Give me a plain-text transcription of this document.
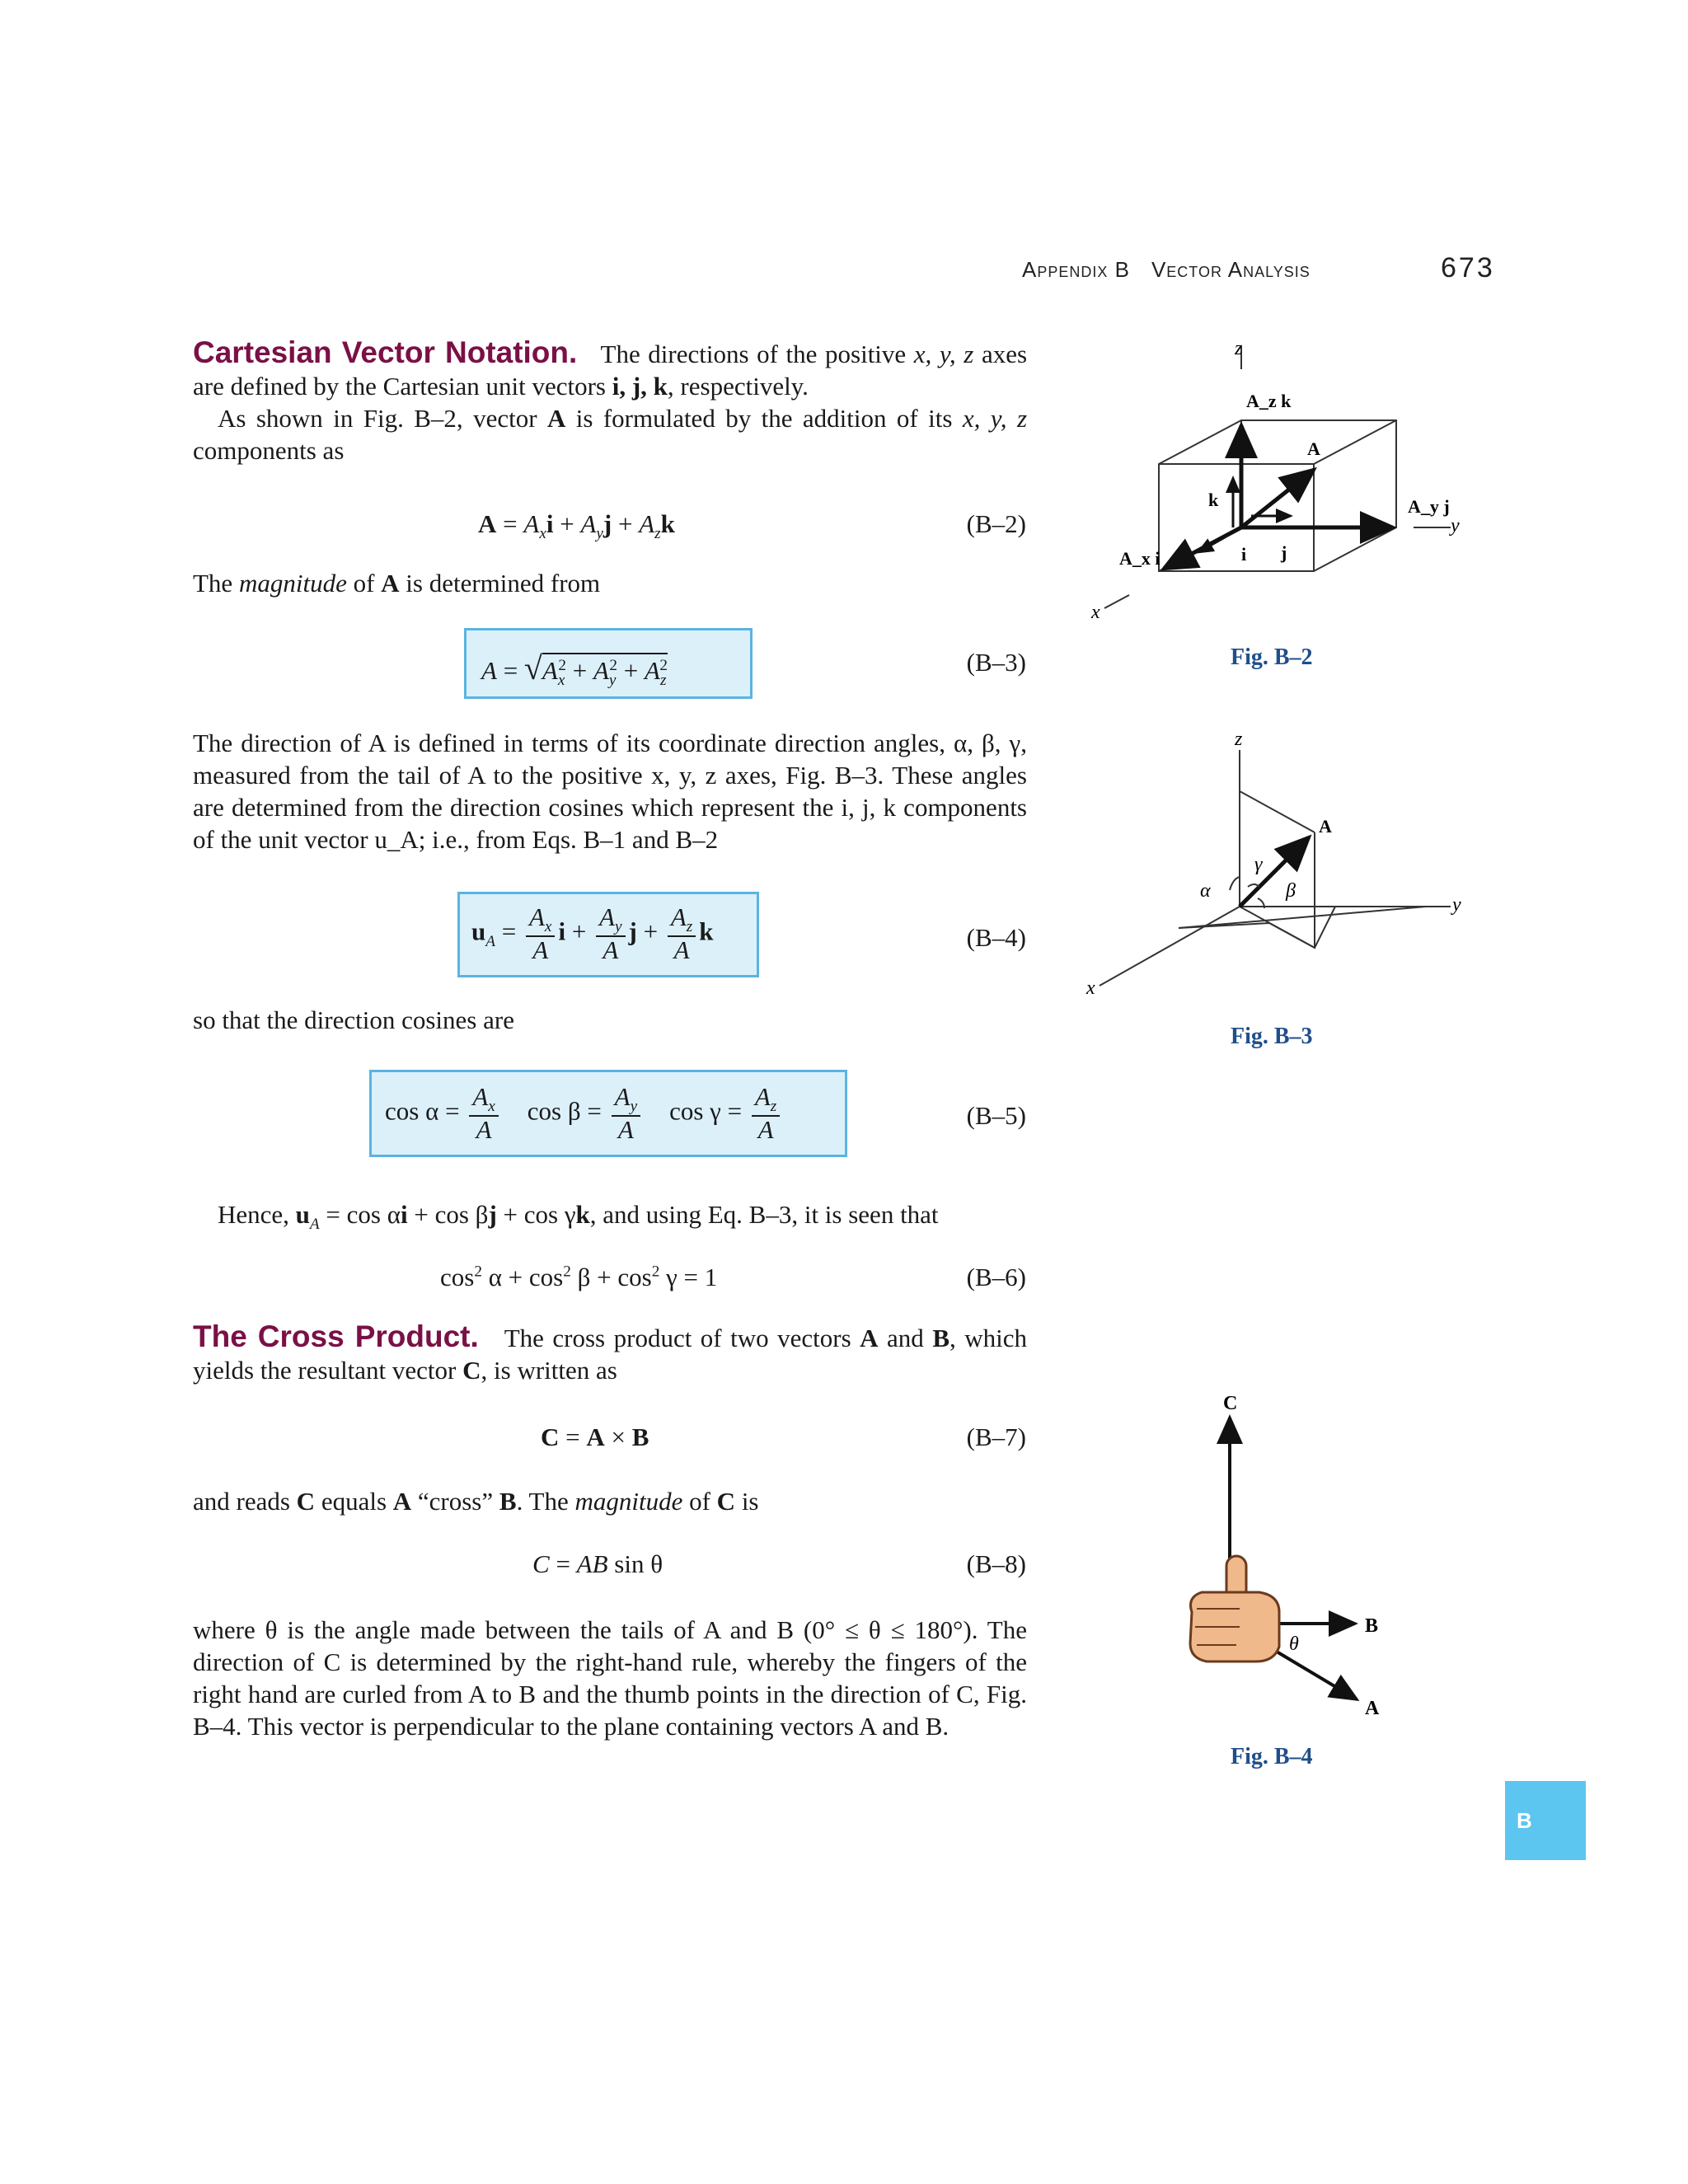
Appendix B Vector Analysis	673

Cartesian Vector Notation. The directions of the positive x, y, z axes are defined by the Cartesian unit vectors i, j, k, respectively.

As shown in Fig. B–2, vector A is formulated by the addition of its x, y, z components as

$A = A_xi + A_yj + A_zk$	(B–2)

The magnitude of A is determined from

$A = √A_x^2 + A_y^2 + A_z^2$	(B–3)
The direction of A is defined in terms of its coordinate direction angles, α, β, γ, measured from the tail of A to the positive x, y, z axes, Fig. B–3. These angles are determined from the direction cosines which represent the i, j, k components of the unit vector u_A; i.e., from Eqs. B–1 and B–2
$u_A = \frac{A_x}{A}$ $i + \frac{A_y}{A}$ $j + \frac{A_z}{A}$ k	(B–4)
so that the direction cosines are
$\cos \alpha = \frac{A_x}{A}$ $\cos \beta = \frac{A_y}{A}$ $\cos \gamma = \frac{A_z}{A}$	(B–5)
Hence, $u_A = \cos \alpha i + \cos \beta j + \cos \gamma k$, and using Eq. B–3, it is seen that
$\cos^2 \alpha + \cos^2 \beta + \cos^2 \gamma = 1$	(B–6)

The Cross Product. The cross product of two vectors A and B, which yields the resultant vector C, is written as

C = A × B	(B–7)
and reads C equals A “cross” B. The magnitude of C is
C = AB sin θ	(B–8)
where θ is the angle made between the tails of A and B (0° ≤ θ ≤ 180°). The direction of C is determined by the right-hand rule, whereby the fingers of the right hand are curled from A to B and the thumb points in the direction of C, Fig. B–4. This vector is perpendicular to the plane containing vectors A and B.
z
A_z k
A
A_y j
y
A_x i
k
i j
x
Fig. B–2
z
A
γ
α	β
y
x
Fig. B–3
C
B
A
θ
Fig. B–4
B
